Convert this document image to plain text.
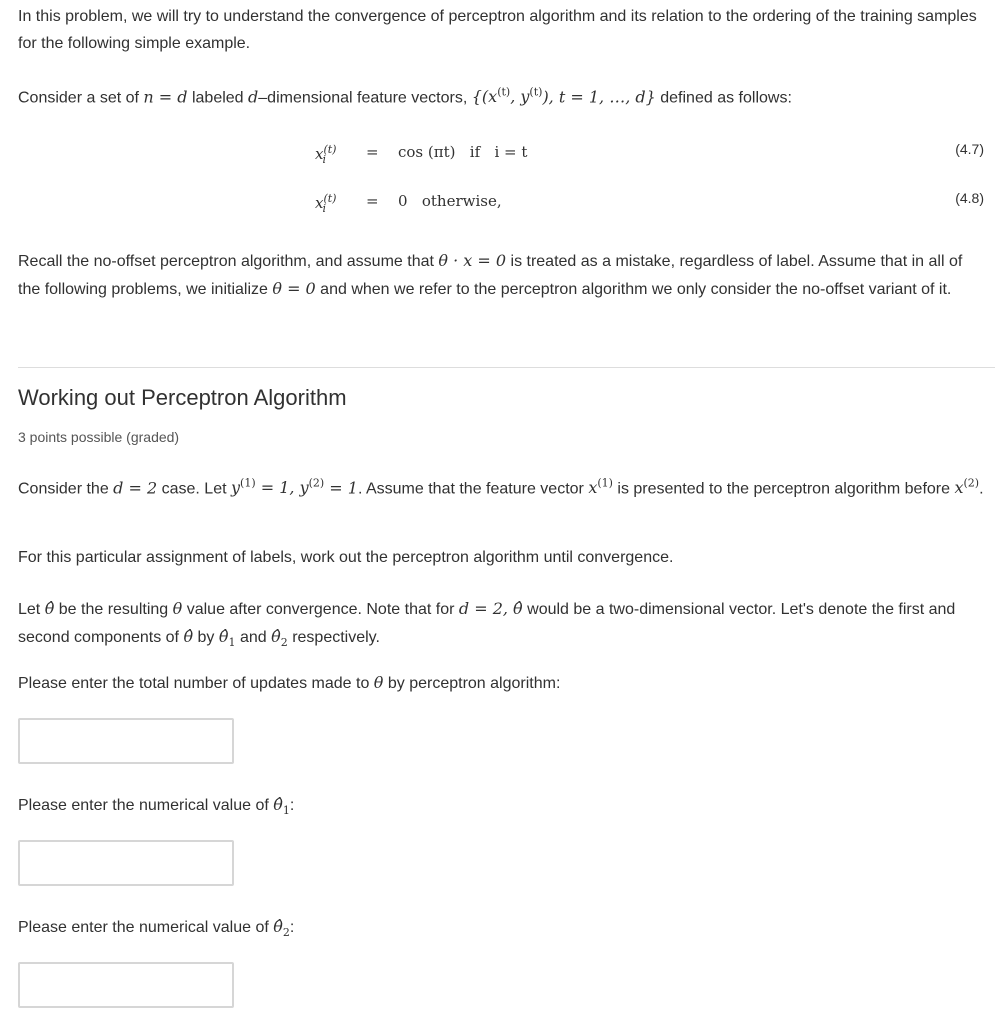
In this problem, we will try to understand the convergence of perceptron algorithm and its relation to the ordering of the training samples for the following simple example.

Consider a set of n = d labeled d–dimensional feature vectors, {($x^{(t)}$, $y^{(t)}$), t = 1, …, d} defined as follows:

$x^{(t)}_i$	= cos (πt)   if   i = t	(4.7)
$x^{(t)}_i$	= 0   otherwise,	(4.8)

Recall the no-offset perceptron algorithm, and assume that θ · x = 0 is treated as a mistake, regardless of label. Assume that in all of the following problems, we initialize θ = 0 and when we refer to the perceptron algorithm we only consider the no-offset variant of it.

Working out Perceptron Algorithm
3 points possible (graded)

Consider the d = 2 case. Let $y^{(1)} = 1$, $y^{(2)} = 1$. Assume that the feature vector $x^{(1)}$ is presented to the perceptron algorithm before $x^{(2)}$.

For this particular assignment of labels, work out the perceptron algorithm until convergence.

Let θ̂ be the resulting θ value after convergence. Note that for d = 2, θ̂ would be a two-dimensional vector. Let's denote the first and second components of θ̂ by $\thetâ_1$ and $\thetâ_2$ respectively.

Please enter the total number of updates made to θ by perceptron algorithm:

Please enter the numerical value of $\thetâ_1$:

Please enter the numerical value of $\thetâ_2$:
